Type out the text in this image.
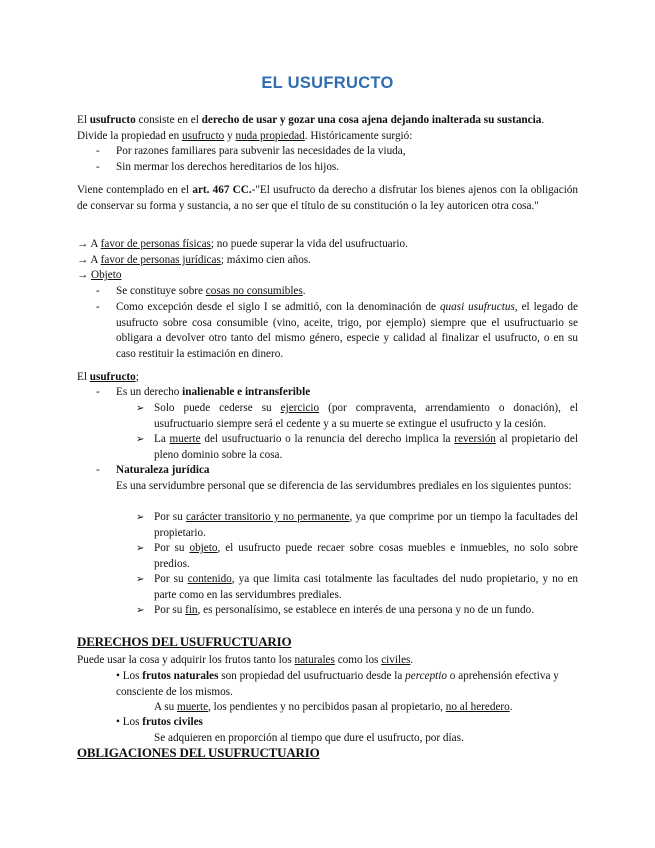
EL USUFRUCTO
El usufructo consiste en el derecho de usar y gozar una cosa ajena dejando inalterada su sustancia.
Divide la propiedad en usufructo y nuda propiedad. Históricamente surgió:
- Por razones familiares para subvenir las necesidades de la viuda,
- Sin mermar los derechos hereditarios de los hijos.
Viene contemplado en el art. 467 CC.-"El usufructo da derecho a disfrutar los bienes ajenos con la obligación de conservar su forma y sustancia, a no ser que el título de su constitución o la ley autoricen otra cosa."
→ A favor de personas físicas; no puede superar la vida del usufructuario.
→ A favor de personas jurídicas; máximo cien años.
→ Objeto
- Se constituye sobre cosas no consumibles.
- Como excepción desde el siglo I se admitió, con la denominación de quasi usufructus, el legado de usufructo sobre cosa consumible (vino, aceite, trigo, por ejemplo) siempre que el usufructuario se obligara a devolver otro tanto del mismo género, especie y calidad al finalizar el usufructo, o en su caso restituir la estimación en dinero.
El usufructo;
- Es un derecho inalienable e intransferible
➢ Solo puede cederse su ejercicio (por compraventa, arrendamiento o donación), el usufructuario siempre será el cedente y a su muerte se extingue el usufructo y la cesión.
➢ La muerte del usufructuario o la renuncia del derecho implica la reversión al propietario del pleno dominio sobre la cosa.
- Naturaleza jurídica
Es una servidumbre personal que se diferencia de las servidumbres prediales en los siguientes puntos:
➢ Por su carácter transitorio y no permanente, ya que comprime por un tiempo la facultades del propietario.
➢ Por su objeto, el usufructo puede recaer sobre cosas muebles e inmuebles, no solo sobre predios.
➢ Por su contenido, ya que limita casi totalmente las facultades del nudo propietario, y no en parte como en las servidumbres prediales.
➢ Por su fin, es personalísimo, se establece en interés de una persona y no de un fundo.
DERECHOS DEL USUFRUCTUARIO
Puede usar la cosa y adquirir los frutos tanto los naturales como los civiles.
• Los frutos naturales son propiedad del usufructuario desde la perceptio o aprehensión efectiva y consciente de los mismos.
A su muerte, los pendientes y no percibidos pasan al propietario, no al heredero.
• Los frutos civiles
Se adquieren en proporción al tiempo que dure el usufructo, por días.
OBLIGACIONES DEL USUFRUCTUARIO
